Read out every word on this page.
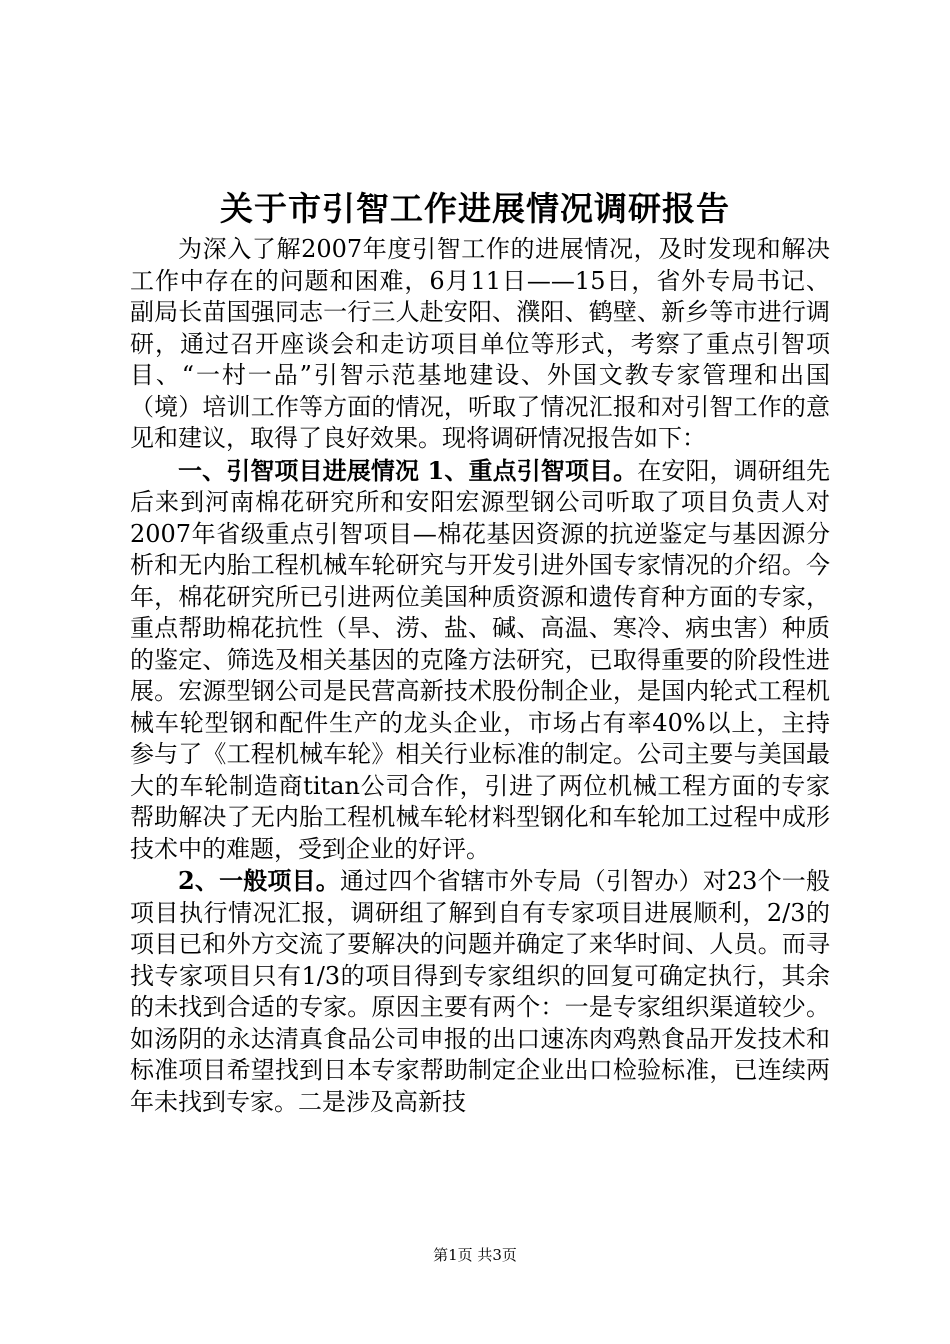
关于市引智工作进展情况调研报告

为深入了解2007年度引智工作的进展情况，及时发现和解决工作中存在的问题和困难，6月11日——15日，省外专局书记、副局长苗国强同志一行三人赴安阳、濮阳、鹤壁、新乡等市进行调研，通过召开座谈会和走访项目单位等形式，考察了重点引智项目、“一村一品”引智示范基地建设、外国文教专家管理和出国（境）培训工作等方面的情况，听取了情况汇报和对引智工作的意见和建议，取得了良好效果。现将调研情况报告如下：

一、引智项目进展情况 1、重点引智项目。在安阳，调研组先后来到河南棉花研究所和安阳宏源型钢公司听取了项目负责人对2007年省级重点引智项目—棉花基因资源的抗逆鉴定与基因源分析和无内胎工程机械车轮研究与开发引进外国专家情况的介绍。今年，棉花研究所已引进两位美国种质资源和遗传育种方面的专家，重点帮助棉花抗性（旱、涝、盐、碱、高温、寒冷、病虫害）种质的鉴定、筛选及相关基因的克隆方法研究，已取得重要的阶段性进展。宏源型钢公司是民营高新技术股份制企业，是国内轮式工程机械车轮型钢和配件生产的龙头企业，市场占有率40%以上，主持参与了《工程机械车轮》相关行业标准的制定。公司主要与美国最大的车轮制造商titan公司合作，引进了两位机械工程方面的专家帮助解决了无内胎工程机械车轮材料型钢化和车轮加工过程中成形技术中的难题，受到企业的好评。

2、一般项目。通过四个省辖市外专局（引智办）对23个一般项目执行情况汇报，调研组了解到自有专家项目进展顺利，2/3的项目已和外方交流了要解决的问题并确定了来华时间、人员。而寻找专家项目只有1/3的项目得到专家组织的回复可确定执行，其余的未找到合适的专家。原因主要有两个：一是专家组织渠道较少。如汤阴的永达清真食品公司申报的出口速冻肉鸡熟食品开发技术和标准项目希望找到日本专家帮助制定企业出口检验标准，已连续两年未找到专家。二是涉及高新技

第1页 共3页
